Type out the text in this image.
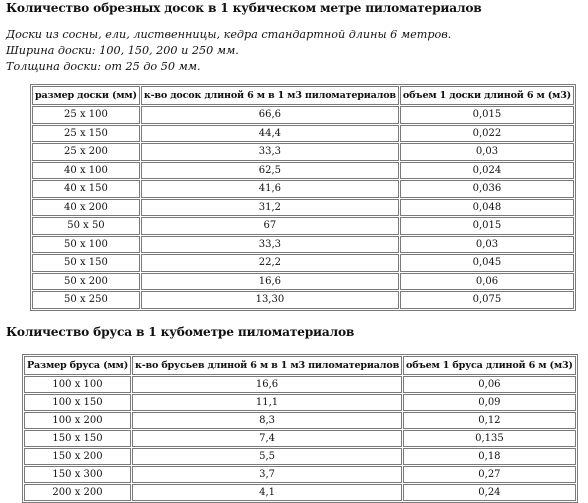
Количество обрезных досок в 1 кубическом метре пиломатериалов
Доски из сосны, ели, лиственницы, кедра стандартной длины 6 метров.
Ширина доски: 100, 150, 200 и 250 мм.
Толщина доски: от 25 до 50 мм.
размер доски (мм)	к-во досок длиной 6 м в 1 м3 пиломатериалов	объем 1 доски длиной 6 м (м3)
25 x 100	66,6	0,015
25 x 150	44,4	0,022
25 x 200	33,3	0,03
40 x 100	62,5	0,024
40 x 150	41,6	0,036
40 x 200	31,2	0,048
50 x 50	67	0,015
50 x 100	33,3	0,03
50 x 150	22,2	0,045
50 x 200	16,6	0,06
50 x 250	13,30	0,075
Количество бруса в 1 кубометре пиломатериалов
Размер бруса (мм)	к-во брусьев длиной 6 м в 1 м3 пиломатериалов	объем 1 бруса длиной 6 м (м3)
100 x 100	16,6	0,06
100 x 150	11,1	0,09
100 x 200	8,3	0,12
150 x 150	7,4	0,135
150 x 200	5,5	0,18
150 x 300	3,7	0,27
200 x 200	4,1	0,24
